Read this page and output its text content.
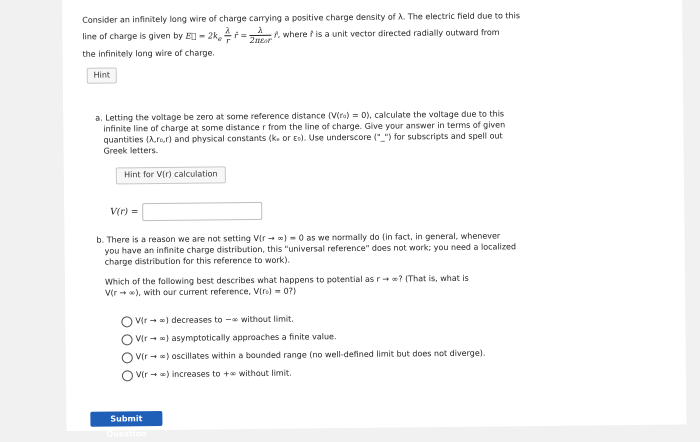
Consider an infinitely long wire of charge carrying a positive charge density of λ. The electric field due to this
line of charge is given by E⃗ = $2k_e \frac{\lambda}{r}$ r̂ = $\frac{\lambda}{\text{2πε₀r}}$ r̂, where r̂ is a unit vector directed radially outward from
the infinitely long wire of charge.
Hint
a. Letting the voltage be zero at some reference distance (V(r₀) = 0), calculate the voltage due to this
infinite line of charge at some distance r from the line of charge. Give your answer in terms of given
quantities (λ,r₀,r) and physical constants (kₑ or ε₀). Use underscore ("_") for subscripts and spell out
Greek letters.
Hint for V(r) calculation
V(r) =
b. There is a reason we are not setting V(r → ∞) = 0 as we normally do (in fact, in general, whenever
you have an infinite charge distribution, this "universal reference" does not work; you need a localized
charge distribution for this reference to work).
Which of the following best describes what happens to potential as r → ∞? (That is, what is
V(r → ∞), with our current reference, V(r₀) = 0?)
V(r → ∞) decreases to −∞ without limit.
V(r → ∞) asymptotically approaches a finite value.
V(r → ∞) oscillates within a bounded range (no well-defined limit but does not diverge).
V(r → ∞) increases to +∞ without limit.
Submit Question
